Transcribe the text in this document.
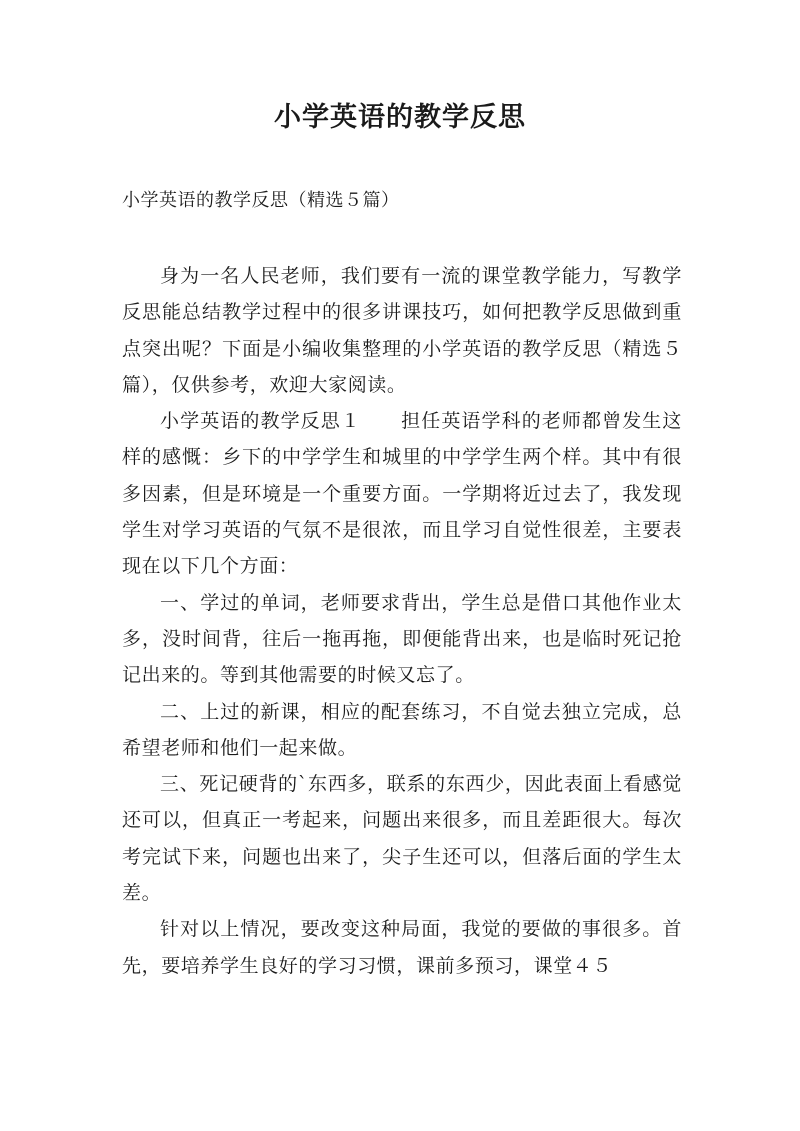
小学英语的教学反思
小学英语的教学反思（精选５篇）

身为一名人民老师，我们要有一流的课堂教学能力，写教学反思能总结教学过程中的很多讲课技巧，如何把教学反思做到重点突出呢？下面是小编收集整理的小学英语的教学反思（精选５篇），仅供参考，欢迎大家阅读。

小学英语的教学反思１　　担任英语学科的老师都曾发生这样的感慨：乡下的中学学生和城里的中学学生两个样。其中有很多因素，但是环境是一个重要方面。一学期将近过去了，我发现学生对学习英语的气氛不是很浓，而且学习自觉性很差，主要表现在以下几个方面：

一、学过的单词，老师要求背出，学生总是借口其他作业太多，没时间背，往后一拖再拖，即便能背出来，也是临时死记抢记出来的。等到其他需要的时候又忘了。

二、上过的新课，相应的配套练习，不自觉去独立完成，总希望老师和他们一起来做。

三、死记硬背的`东西多，联系的东西少，因此表面上看感觉还可以，但真正一考起来，问题出来很多，而且差距很大。每次考完试下来，问题也出来了，尖子生还可以，但落后面的学生太差。

针对以上情况，要改变这种局面，我觉的要做的事很多。首先，要培养学生良好的学习习惯，课前多预习，课堂４５
